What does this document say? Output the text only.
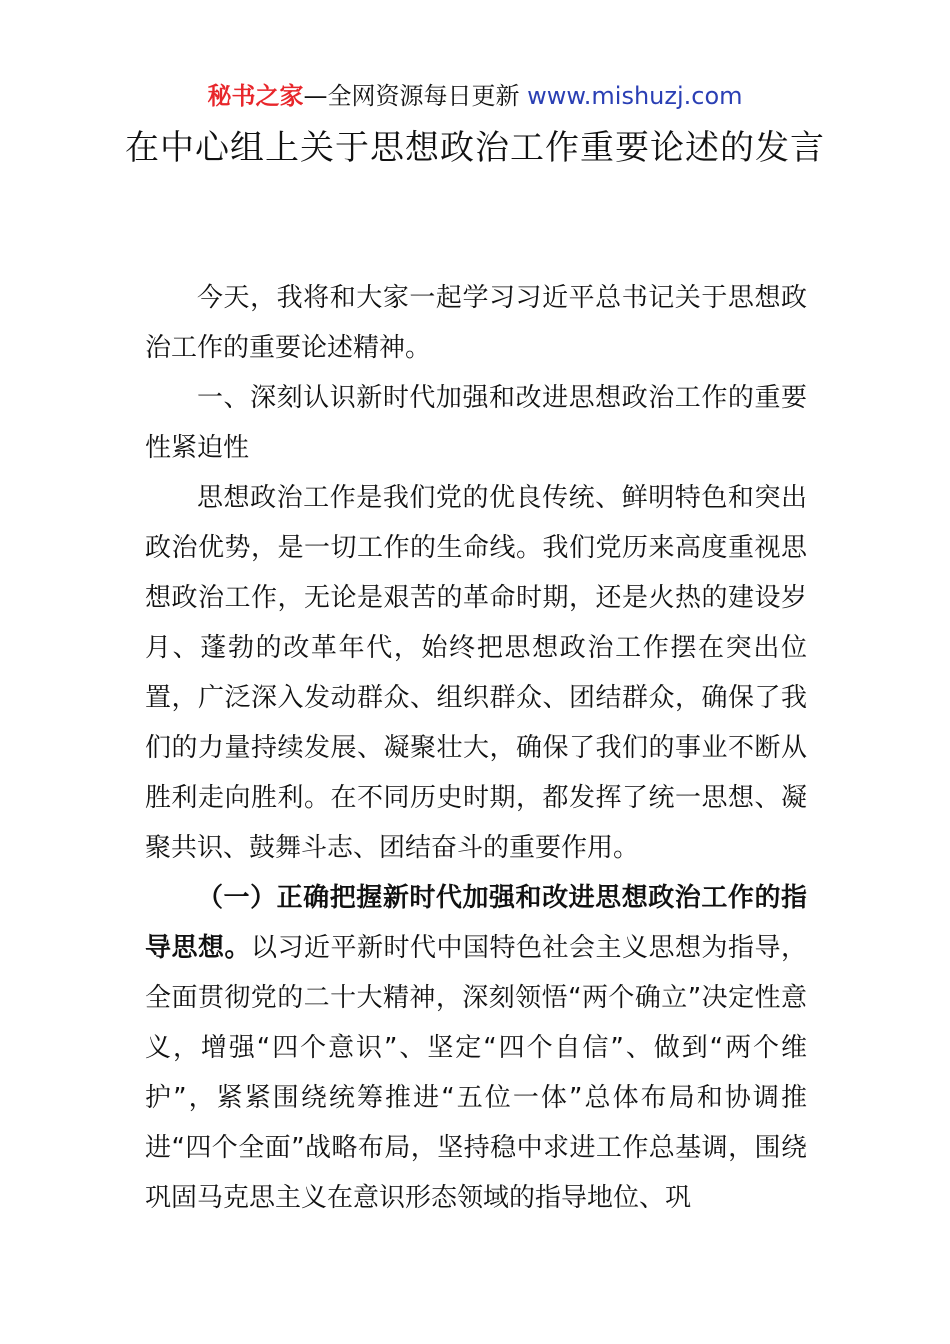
秘书之家—全网资源每日更新 www.mishuzj.com
在中心组上关于思想政治工作重要论述的发言

今天，我将和大家一起学习习近平总书记关于思想政治工作的重要论述精神。

一、深刻认识新时代加强和改进思想政治工作的重要性紧迫性

思想政治工作是我们党的优良传统、鲜明特色和突出政治优势，是一切工作的生命线。我们党历来高度重视思想政治工作，无论是艰苦的革命时期，还是火热的建设岁月、蓬勃的改革年代，始终把思想政治工作摆在突出位置，广泛深入发动群众、组织群众、团结群众，确保了我们的力量持续发展、凝聚壮大，确保了我们的事业不断从胜利走向胜利。在不同历史时期，都发挥了统一思想、凝聚共识、鼓舞斗志、团结奋斗的重要作用。

（一）正确把握新时代加强和改进思想政治工作的指导思想。以习近平新时代中国特色社会主义思想为指导，全面贯彻党的二十大精神，深刻领悟“两个确立”决定性意义，增强“四个意识”、坚定“四个自信”、做到“两个维护”，紧紧围绕统筹推进“五位一体”总体布局和协调推进“四个全面”战略布局，坚持稳中求进工作总基调，围绕巩固马克思主义在意识形态领域的指导地位、巩
